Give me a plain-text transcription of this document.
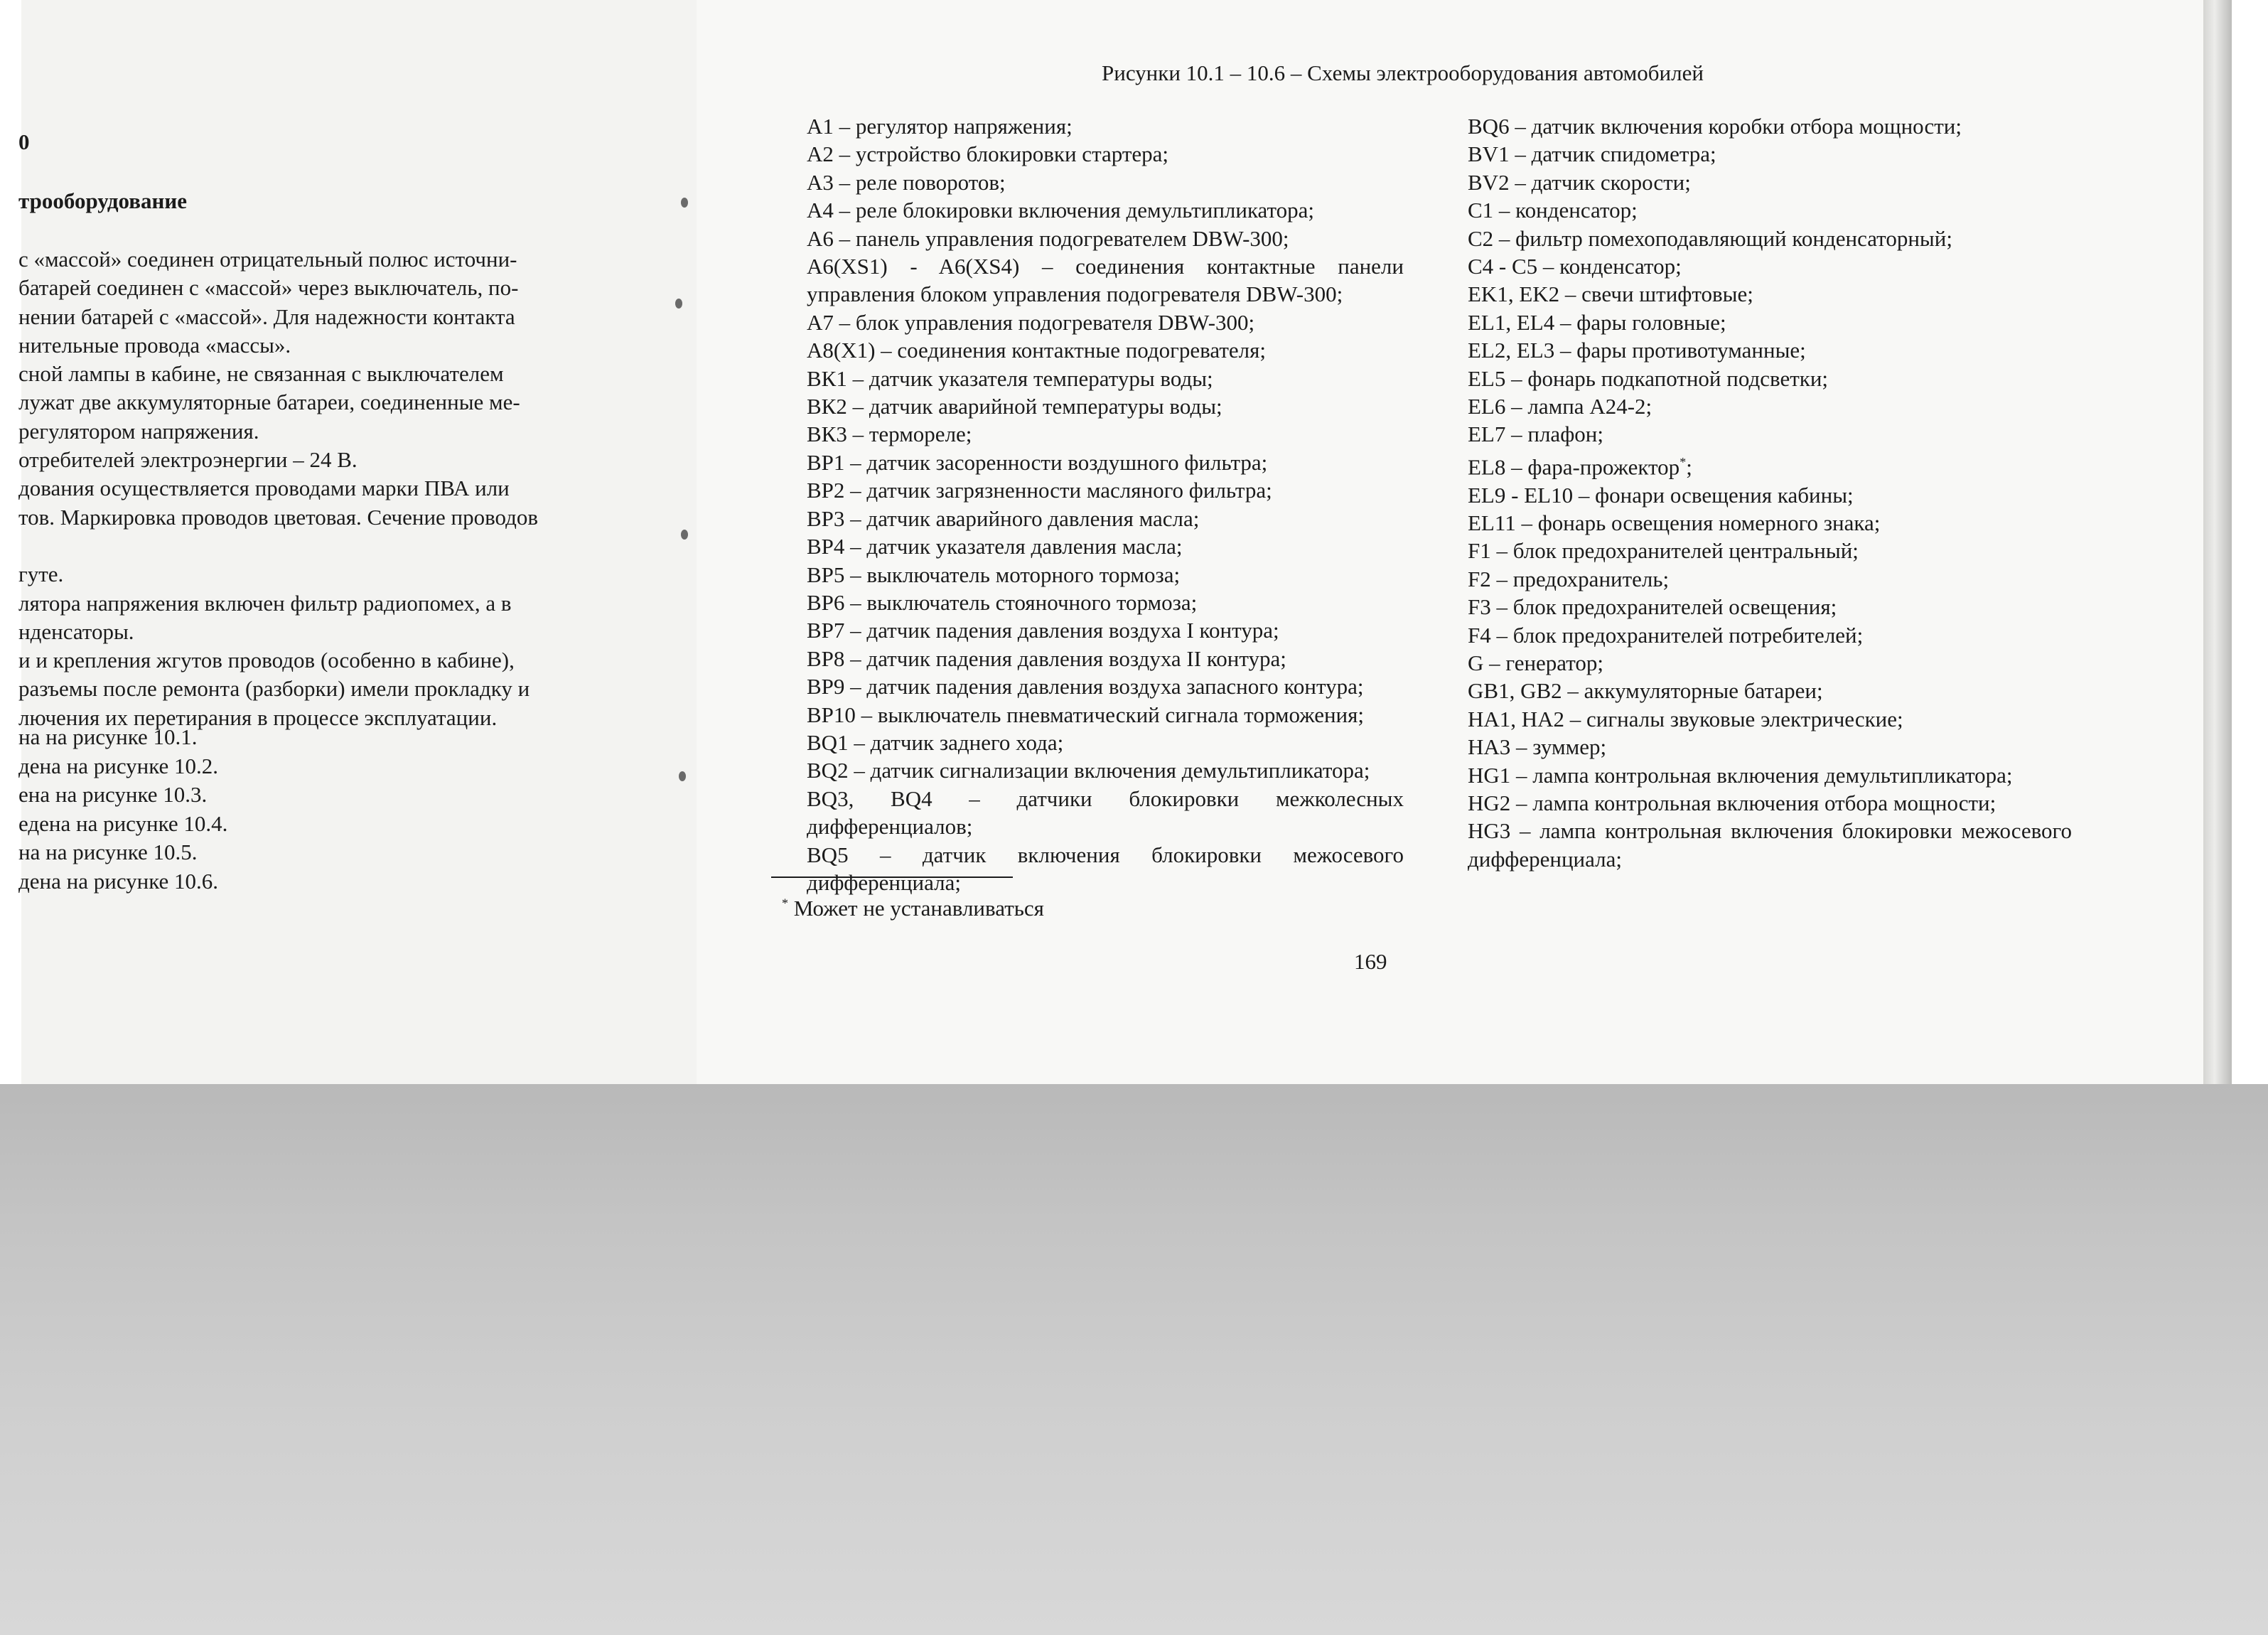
0
трооборудование
с «массой» соединен отрицательный полюс источни-
батарей соединен с «массой» через выключатель, по-
нении батарей с «массой». Для надежности контакта
нительные провода «массы».
сной лампы в кабине, не связанная с выключателем
лужат две аккумуляторные батареи, соединенные ме-
регулятором напряжения.
отребителей электроэнергии – 24 В.
дования осуществляется проводами марки ПВА или
тов. Маркировка проводов цветовая. Сечение проводов

гуте.
лятора напряжения включен фильтр радиопомех, а в
нденсаторы.
и и крепления жгутов проводов (особенно в кабине),
разъемы после ремонта (разборки) имели прокладку и
лючения их перетирания в процессе эксплуатации.
на на рисунке 10.1.
дена на рисунке 10.2.
ена на рисунке 10.3.
едена на рисунке 10.4.
на на рисунке 10.5.
дена на рисунке 10.6.
Рисунки 10.1 – 10.6 – Схемы электрооборудования автомобилей
A1 – регулятор напряжения;
А2 – устройство блокировки стартера;
А3 – реле поворотов;
А4 – реле блокировки включения демультипликатора;
А6 – панель управления подогревателем DBW-300;
A6(XS1) - A6(XS4) – соединения контактные панели управления блоком управления подогревателя DBW-300;
А7 – блок управления подогревателя DBW-300;
А8(X1) – соединения контактные подогревателя;
ВК1 – датчик указателя температуры воды;
ВК2 – датчик аварийной температуры воды;
ВК3 – термореле;
ВР1 – датчик засоренности воздушного фильтра;
ВР2 – датчик загрязненности масляного фильтра;
ВР3 – датчик аварийного давления масла;
ВР4 – датчик указателя давления масла;
ВР5 – выключатель моторного тормоза;
ВР6 – выключатель стояночного тормоза;
ВР7 – датчик падения давления воздуха I контура;
ВР8 – датчик падения давления воздуха II контура;
ВР9 – датчик падения давления воздуха запасного контура;
ВР10 – выключатель пневматический сигнала торможения;
BQ1 – датчик заднего хода;
BQ2 – датчик сигнализации включения демультипликатора;
BQ3, BQ4 – датчики блокировки межколесных дифференциалов;
BQ5 – датчик включения блокировки межосевого дифференциала;
BQ6 – датчик включения коробки отбора мощности;
BV1 – датчик спидометра;
BV2 – датчик скорости;
C1 – конденсатор;
C2 – фильтр помехоподавляющий конденсаторный;
С4 - С5 – конденсатор;
EK1, EK2 – свечи штифтовые;
EL1, EL4 – фары головные;
EL2, EL3 – фары противотуманные;
EL5 – фонарь подкапотной подсветки;
EL6 – лампа А24-2;
EL7 – плафон;
EL8 – фара-прожектор*;
EL9 - EL10 – фонари освещения кабины;
EL11 – фонарь освещения номерного знака;
F1 – блок предохранителей центральный;
F2 – предохранитель;
F3 – блок предохранителей освещения;
F4 – блок предохранителей потребителей;
G – генератор;
GB1, GB2 – аккумуляторные батареи;
HA1, HA2 – сигналы звуковые электрические;
HA3 – зуммер;
HG1 – лампа контрольная включения демультипликатора;
HG2 – лампа контрольная включения отбора мощности;
HG3 – лампа контрольная включения блокировки межосевого дифференциала;
* Может не устанавливаться
169
